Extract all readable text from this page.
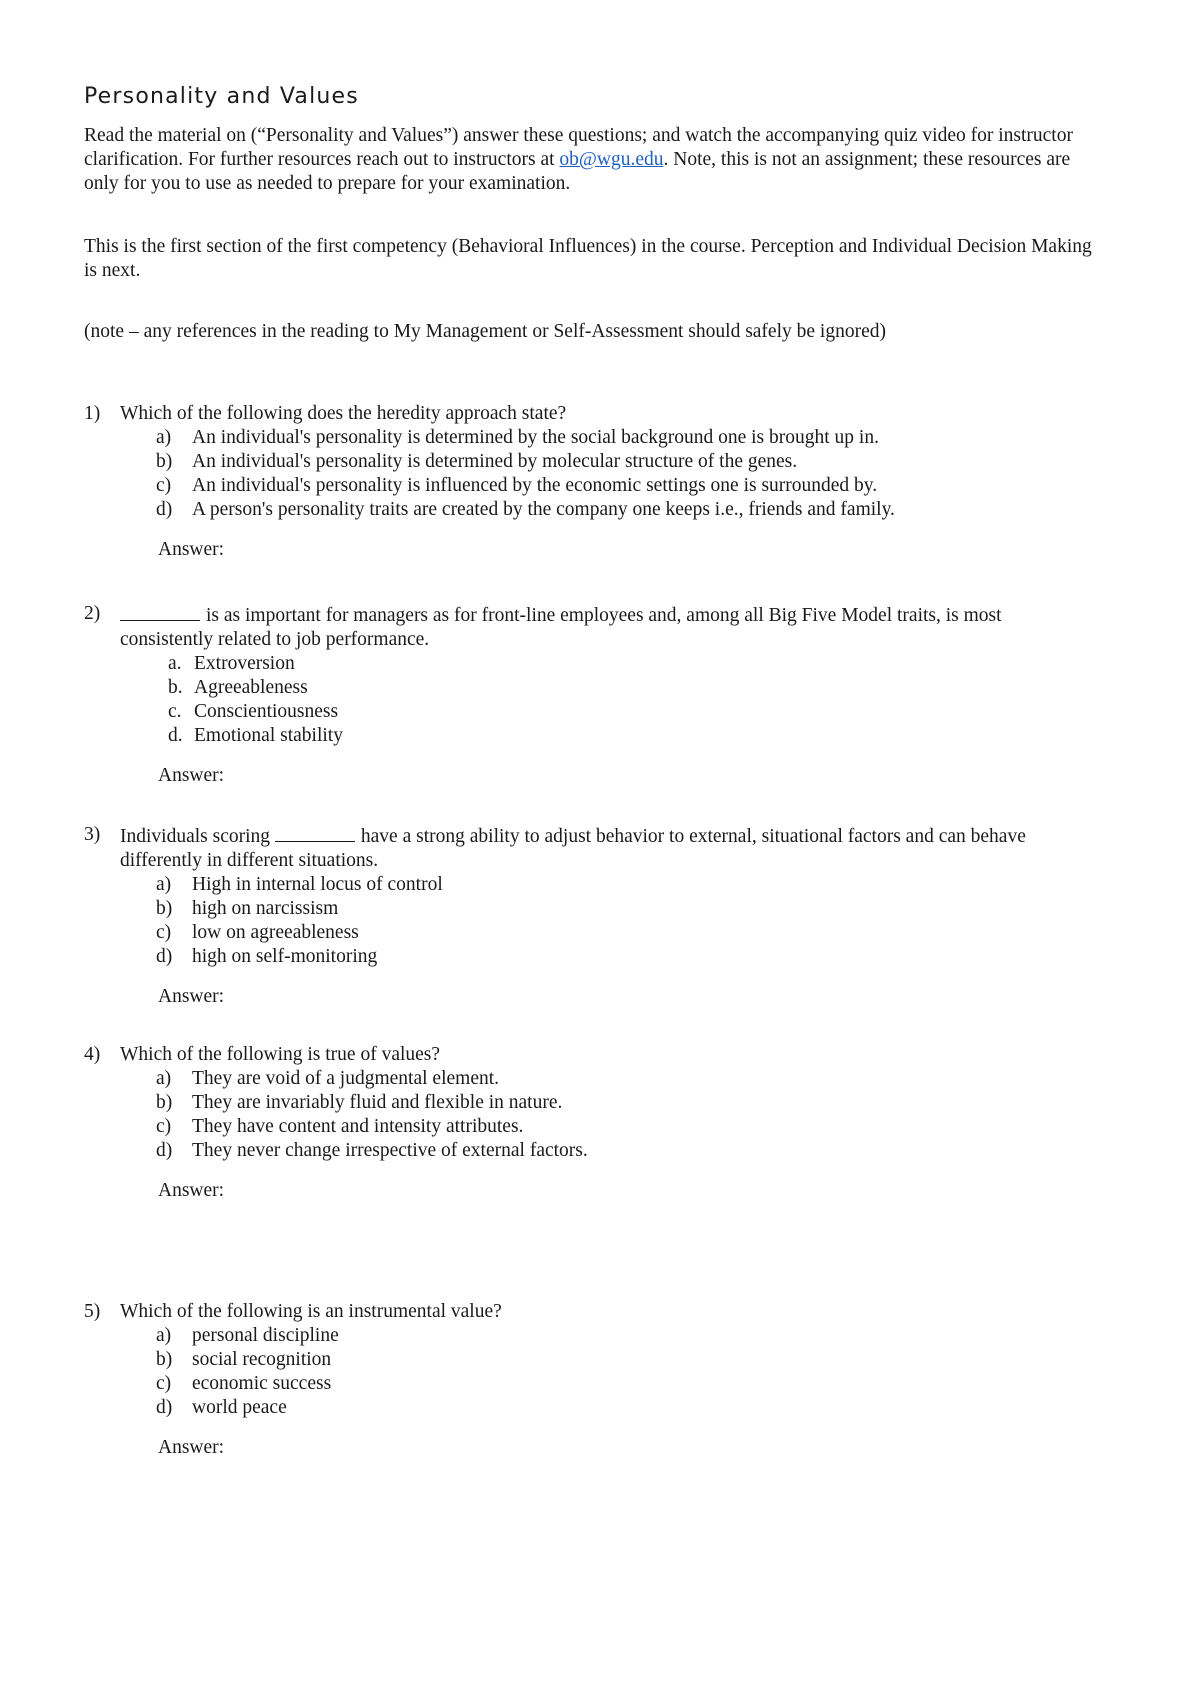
Personality and Values

Read the material on (“Personality and Values”) answer these questions; and watch the accompanying quiz video for instructor clarification. For further resources reach out to instructors at ob@wgu.edu. Note, this is not an assignment; these resources are only for you to use as needed to prepare for your examination.

This is the first section of the first competency (Behavioral Influences) in the course. Perception and Individual Decision Making is next.

(note – any references in the reading to My Management or Self-Assessment should safely be ignored)

1) Which of the following does the heredity approach state?
a) An individual's personality is determined by the social background one is brought up in.
b) An individual's personality is determined by molecular structure of the genes.
c) An individual's personality is influenced by the economic settings one is surrounded by.
d) A person's personality traits are created by the company one keeps i.e., friends and family.
Answer:
2)	is as important for managers as for front-line employees and, among all Big Five Model traits, is most consistently related to job performance.
a. Extroversion
b. Agreeableness
c. Conscientiousness
d. Emotional stability
Answer:
3) Individuals scoring	have a strong ability to adjust behavior to external, situational factors and can behave differently in different situations.
a) High in internal locus of control
b) high on narcissism
c) low on agreeableness
d) high on self-monitoring
Answer:
4) Which of the following is true of values?
a) They are void of a judgmental element.
b) They are invariably fluid and flexible in nature.
c) They have content and intensity attributes.
d) They never change irrespective of external factors.
Answer:
5) Which of the following is an instrumental value?
a) personal discipline
b) social recognition
c) economic success
d) world peace
Answer:
